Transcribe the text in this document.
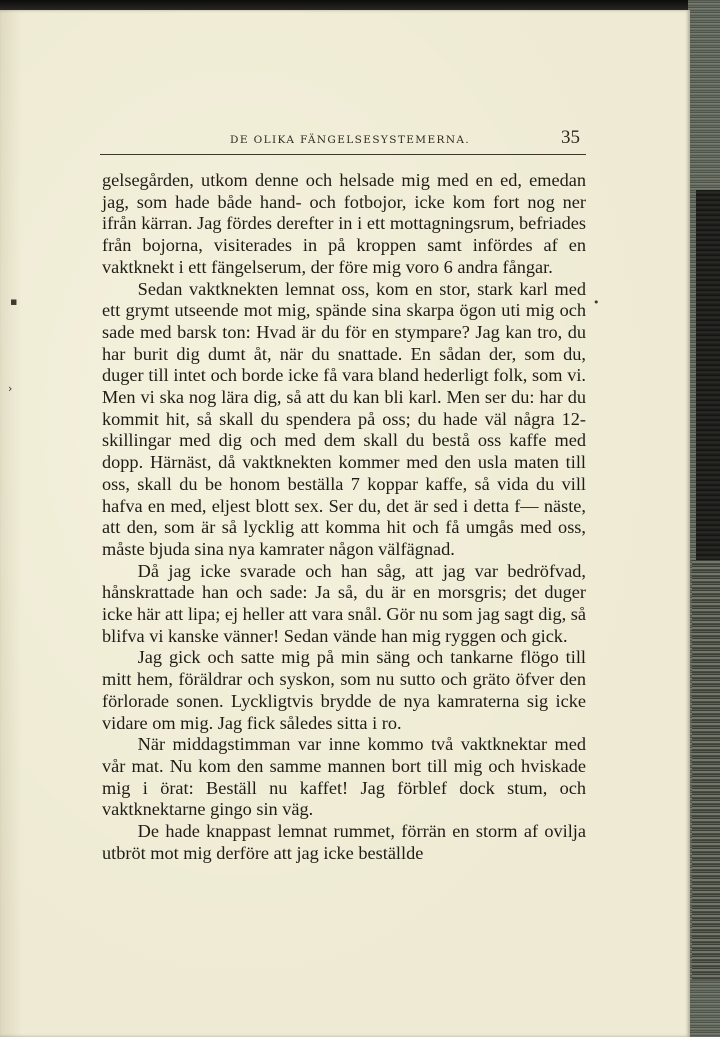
▪
›
•
DE OLIKA FÄNGELSESYSTEMERNA.	35

gelsegården, utkom denne och helsade mig med en ed, emedan jag, som hade både hand- och fotbojor, icke kom fort nog ner ifrån kärran. Jag fördes derefter in i ett mottagningsrum, befriades från bojorna, visiterades in på kroppen samt infördes af en vaktknekt i ett fängelserum, der före mig voro 6 andra fångar.

Sedan vaktknekten lemnat oss, kom en stor, stark karl med ett grymt utseende mot mig, spände sina skarpa ögon uti mig och sade med barsk ton: Hvad är du för en stympare? Jag kan tro, du har burit dig dumt åt, när du snattade. En sådan der, som du, duger till intet och borde icke få vara bland hederligt folk, som vi. Men vi ska nog lära dig, så att du kan bli karl. Men ser du: har du kommit hit, så skall du spendera på oss; du hade väl några 12-skillingar med dig och med dem skall du bestå oss kaffe med dopp. Härnäst, då vaktknekten kommer med den usla maten till oss, skall du be honom beställa 7 koppar kaffe, så vida du vill hafva en med, eljest blott sex. Ser du, det är sed i detta f— näste, att den, som är så lycklig att komma hit och få umgås med oss, måste bjuda sina nya kamrater någon välfägnad.

Då jag icke svarade och han såg, att jag var bedröfvad, hånskrattade han och sade: Ja så, du är en morsgris; det duger icke här att lipa; ej heller att vara snål. Gör nu som jag sagt dig, så blifva vi kanske vänner! Sedan vände han mig ryggen och gick.

Jag gick och satte mig på min säng och tankarne flögo till mitt hem, föräldrar och syskon, som nu sutto och gräto öfver den förlorade sonen. Lyckligtvis brydde de nya kamraterna sig icke vidare om mig. Jag fick således sitta i ro.

När middagstimman var inne kommo två vaktknektar med vår mat. Nu kom den samme mannen bort till mig och hviskade mig i örat: Beställ nu kaffet! Jag förblef dock stum, och vaktknektarne gingo sin väg.

De hade knappast lemnat rummet, förrän en storm af ovilja utbröt mot mig derföre att jag icke beställde
